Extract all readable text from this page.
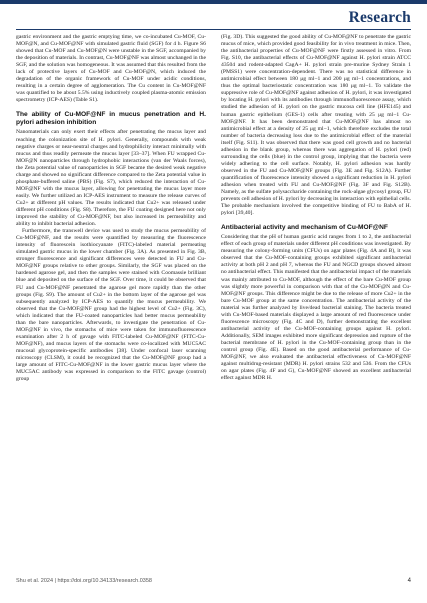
Research

gastric environment and the gastric emptying time, we co-incubated Cu-MOF, Cu-MOF@N, and Cu-MOF@NF with simulated gastric fluid (SGF) for 4 h. Figure S6 showed that Cu-MOF and Cu-MOF@N were unstable in the SGF, accompanied by the deposition of materials. In contrast, Cu-MOF@NF was almost unchanged in the SGF, and the solution was homogeneous. It was assumed that this resulted from the lack of protective layers of Cu-MOF and Cu-MOF@N, which induced the degradation of the organic framework of Cu-MOF under acidic conditions, resulting in a certain degree of agglomeration. The Cu content in Cu-MOF@NF was quantified to be about 5.5% using inductively coupled plasma-atomic emission spectrometry (ICP-AES) (Table S1).

The ability of Cu-MOF@NF in mucus penetration and H. pylori adhesion inhibition

Nanomaterials can only exert their effects after penetrating the mucus layer and reaching the colonization site of H. pylori. Generally, compounds with weak negative charges or near-neutral charges and hydrophilicity interact minimally with mucus and thus readily permeate the mucus layer [33–37]. When FU wrapped Cu-MOF@N nanoparticles through hydrophobic interactions (van der Waals forces), the Zeta potential value of nanoparticles in SGF became the desired weak negative charge and showed no significant difference compared to the Zeta potential value in phosphate-buffered saline (PBS) (Fig. S7), which reduced the interaction of Cu-MOF@NF with the mucus layer, allowing for penetrating the mucus layer more easily. We further utilized an ICP-AES instrument to measure the release curves of Cu2+ at different pH values. The results indicated that Cu2+ was released under different pH conditions (Fig. S8). Therefore, the FU coating designed here not only improved the stability of Cu-MOF@NF, but also increased its permeability and ability to inhibit bacterial adhesion.

Furthermore, the transwell device was used to study the mucus permeability of Cu-MOF@NF, and the results were quantified by measuring the fluorescence intensity of fluorescein isothiocyanate (FITC)-labeled material permeating simulated gastric mucus in the lower chamber (Fig. 3A). As presented in Fig. 3B, stronger fluorescence and significant differences were detected in FU and Cu-MOF@NF groups relative to other groups. Similarly, the SGF was placed on the hardened agarose gel, and then the samples were stained with Coomassie brilliant blue and deposited on the surface of the SGF. Over time, it could be observed that FU and Cu-MOF@NF penetrated the agarose gel more rapidly than the other groups (Fig. S9). The amount of Cu2+ in the bottom layer of the agarose gel was subsequently analyzed by ICP-AES to quantify the mucus permeability. We observed that the Cu-MOF@NF group had the highest level of Cu2+ (Fig. 3C), which indicated that the FU-coated nanoparticles had better mucus permeability than the bare nanoparticles. Afterwards, to investigate the penetration of Cu-MOF@NF in vivo, the stomachs of mice were taken for immunofluorescence examination after 2 h of gavage with FITC-labeled Cu-MOF@NF (FITC-Cu-MOF@NF), and mucus layers of the stomachs were co-localized with MUC5AC mucosal glycoprotein-specific antibodies [38]. Under confocal laser scanning microscopy (CLSM), it could be recognized that the Cu-MOF@NF group had a large amount of FITC-Cu-MOF@NF in the lower gastric mucus layer where the MUC5AC antibody was expressed in comparison to the FITC gavage (control) group

(Fig. 3D). This suggested the good ability of Cu-MOF@NF to penetrate the gastric mucus of mice, which provided good feasibility for in vivo treatment in mice. Then, the antibacterial properties of Cu-MOF@NF were firstly assessed in vitro. From Fig. S10, the antibacterial effects of Cu-MOF@NF against H. pylori strain ATCC 43504 and rodent-adapted CagA+ H. pylori strain pre-murine Sydney Strain 1 (PMSS1) were concentration-dependent. There was no statistical difference in antimicrobial effect between 180 μg ml−1 and 200 μg ml−1 concentrations, and thus the optimal bacteriostatic concentration was 180 μg ml−1. To validate the suppressive role of Cu-MOF@NF against adhesion of H. pylori, it was investigated by locating H. pylori with its antibodies through immunofluorescence assay, which studied the adhesion of H. pylori on the gastric mucosa cell line (HFE145) and human gastric epithelium (GES-1) cells after treating with 25 μg ml−1 Cu-MOF@NF. It has been demonstrated that Cu-MOF@NF has almost no antimicrobial effect at a density of 25 μg ml−1, which therefore excludes the total number of bacteria decreasing loss due to the antimicrobial effect of the material itself (Fig. S11). It was observed that there was good cell growth and no bacterial adhesion in the blank group, whereas there was aggregation of H. pylori (red) surrounding the cells (blue) in the control group, implying that the bacteria were widely adhering to the cell surface. Notably, H. pylori adhesion was hardly observed in the FU and Cu-MOF@NF groups (Fig. 3E and Fig. S12A). Further quantification of fluorescence intensity showed a significant reduction in H. pylori adhesion when treated with FU and Cu-MOF@NF (Fig. 3F and Fig. S12B). Namely, as the sulfate polysaccharide containing the rock-algae glycosyl group, FU prevents cell adhesion of H. pylori by decreasing its interaction with epithelial cells. The probable mechanism involved the competitive binding of FU to BabA of H. pylori [39,40].

Antibacterial activity and mechanism of Cu-MOF@NF

Considering that the pH of human gastric acid ranges from 1 to 2, the antibacterial effect of each group of materials under different pH conditions was investigated. By measuring the colony-forming units (CFUs) on agar plates (Fig. 4A and B), it was observed that the Cu-MOF-containing groups exhibited significant antibacterial activity at both pH 2 and pH 7, whereas the FU and NGCD groups showed almost no antibacterial effect. This manifested that the antibacterial impact of the materials was mainly attributed to Cu-MOF, although the effect of the bare Cu-MOF group was slightly more powerful in comparison with that of the Cu-MOF@N and Cu-MOF@NF groups. This difference might be due to the release of more Cu2+ in the bare Cu-MOF group at the same concentration. The antibacterial activity of the material was further analyzed by live/dead bacterial staining. The bacteria treated with Cu-MOF-based materials displayed a large amount of red fluorescence under fluorescence microscopy (Fig. 4C and D), further demonstrating the excellent antibacterial activity of the Cu-MOF-containing groups against H. pylori. Additionally, SEM images exhibited more significant depression and rupture of the bacterial membrane of H. pylori in the Cu-MOF-containing group than in the control group (Fig. 4E). Based on the good antibacterial performance of Cu-MOF@NF, we also evaluated the antibacterial effectiveness of Cu-MOF@NF against multidrug-resistant (MDR) H. pylori strains 532 and 536. From the CFUs on agar plates (Fig. 4F and G), Cu-MOF@NF showed an excellent antibacterial effect against MDR H.

Shu et al. 2024 | https://doi.org/10.34133/research.0358	4
